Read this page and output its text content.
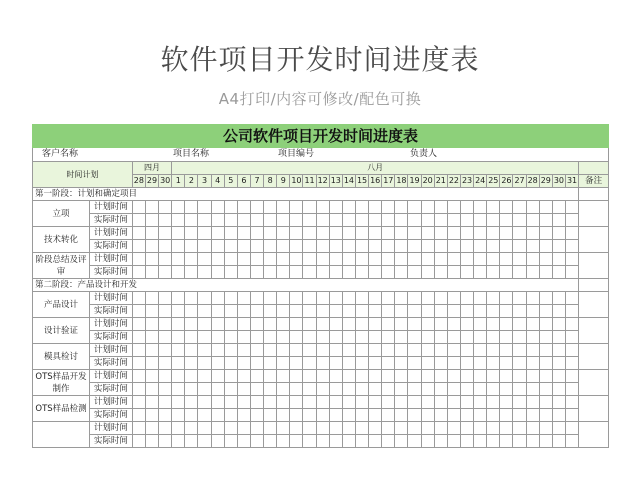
软件项目开发时间进度表
A4打印/内容可修改/配色可换
公司软件项目开发时间进度表
客户名称	项目名称	项目编号	负责人
时间计划		四月			八月																															
		28	29	30	1	2	3	4	5	6	7	8	9	10	11	12	13	14	15	16	17	18	19	20	21	22	23	24	25	26	27	28	29	30	31	备注
第一阶段：计划和确定项目																																				
立项	计划时间																																			
	实际时间																																			
技术转化	计划时间																																			
	实际时间																																			
阶段总结及评审	计划时间																																			
	实际时间																																			
第二阶段：产品设计和开发																																				
产品设计	计划时间																																			
	实际时间																																			
设计验证	计划时间																																			
	实际时间																																			
模具检讨	计划时间																																			
	实际时间																																			
OTS样品开发制作	计划时间																																			
	实际时间																																			
OTS样品检测	计划时间																																			
	实际时间																																			
　	计划时间																																			
	实际时间																																			
